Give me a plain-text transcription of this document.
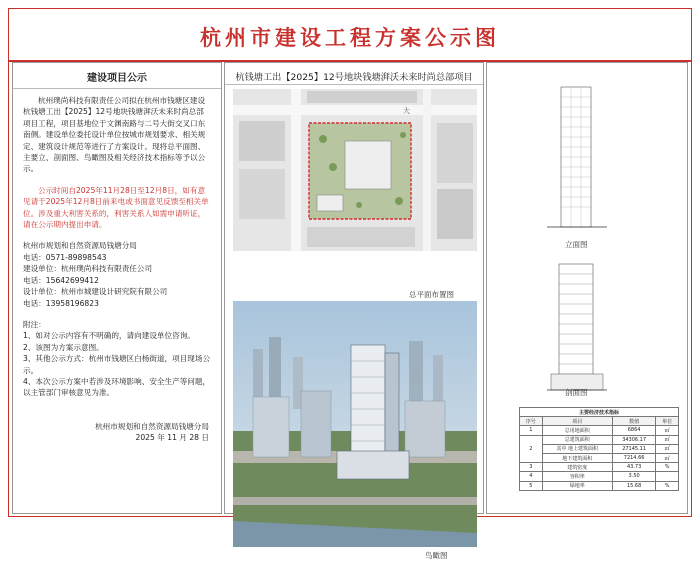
杭州市建设工程方案公示图
建设项目公示
杭州璞尚科技有限责任公司拟在杭州市钱塘区建设杭钱塘工出【2025】12号地块钱塘湃沃未来时尚总部项目工程，项目基地位于文渊南路与二号大街交叉口东南侧。建设单位委托设计单位按城市规划要求、相关规定、建筑设计规范等进行了方案设计。现将总平面图、主要立、剖面图、鸟瞰图及相关经济技术指标等予以公示。
公示时间自2025年11月28日至12月8日，如有意见请于2025年12月8日前来电或书面意见反馈至相关单位。涉及重大利害关系的，利害关系人如需申请听证，请在公示期内提出申请。
杭州市规划和自然资源局钱塘分局
电话：0571-89898543
建设单位：杭州璞尚科技有限责任公司
电话：15642699412
设计单位：杭州市城建设计研究院有限公司
电话：13958196823
附注：
1、如对公示内容有不明确的，请向建设单位咨询。
2、该图为方案示意图。
3、其他公示方式：杭州市钱塘区白杨街道，项目现场公示。
4、本次公示方案中若涉及环境影响、安全生产等问题，以主管部门审核意见为准。
杭州市规划和自然资源局钱塘分局
2025 年 11 月 28 日
杭钱塘工出【2025】12号地块钱塘湃沃未来时尚总部项目
大
总平面布置图
鸟瞰图
立面图
剖面图
主要经济技术指标			
序号	项目	数值	单位
1	总用地面积	6864	㎡
2	总建筑面积	34306.17	㎡
	其中 地上建筑面积	27145.11	㎡
	地下建筑面积	7214.66	㎡
3	建筑密度	43.73	%
4	容积率	3.50	
5	绿地率	15.68	%
